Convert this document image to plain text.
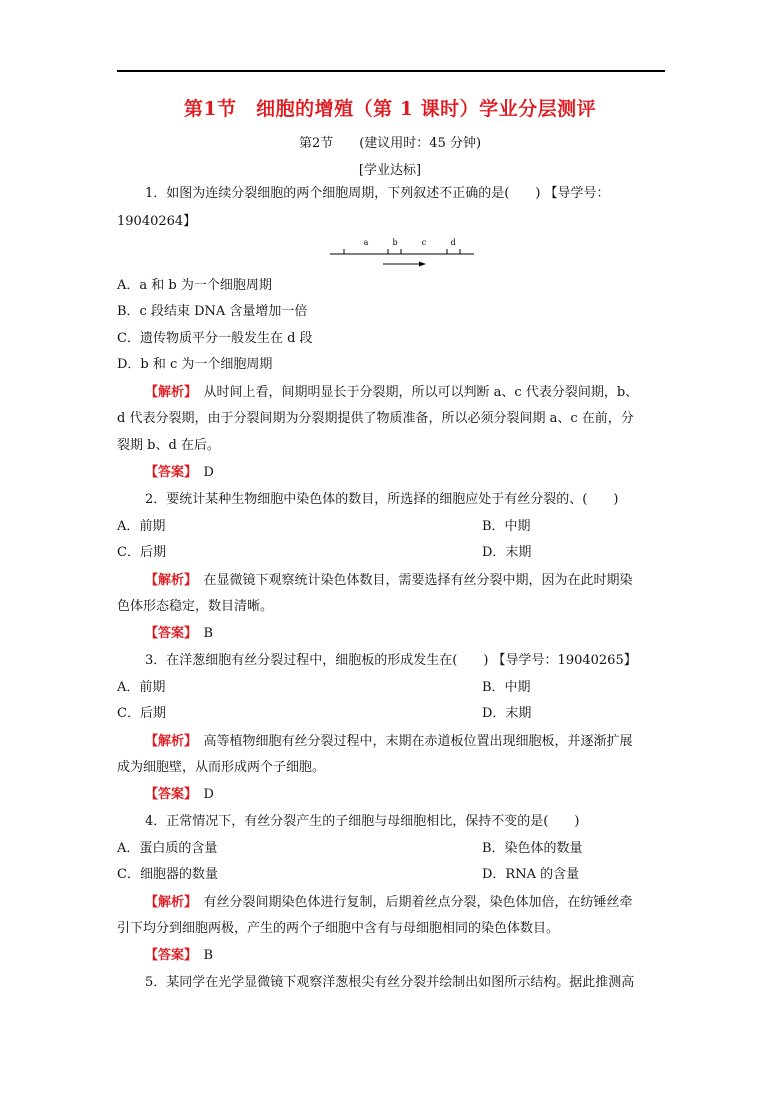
第1节　细胞的增殖（第 1 课时）学业分层测评
第2节　　(建议用时：45 分钟)
[学业达标]
1．如图为连续分裂细胞的两个细胞周期，下列叙述不正确的是(　　) 【导学号：
19040264】
a	b	c	d
A．a 和 b 为一个细胞周期
B．c 段结束 DNA 含量增加一倍
C．遗传物质平分一般发生在 d 段
D．b 和 c 为一个细胞周期
【解析】　 从时间上看，间期明显长于分裂期，所以可以判断 a、c 代表分裂间期，b、
d 代表分裂期，由于分裂间期为分裂期提供了物质准备，所以必须分裂间期 a、c 在前，分
裂期 b、d 在后。
【答案】　 D
2．要统计某种生物细胞中染色体的数目，所选择的细胞应处于有丝分裂的、(　　)
A．前期	B．中期
C．后期	D．末期
【解析】　 在显微镜下观察统计染色体数目，需要选择有丝分裂中期，因为在此时期染
色体形态稳定，数目清晰。
【答案】　 B
3．在洋葱细胞有丝分裂过程中，细胞板的形成发生在(　　) 【导学号：19040265】
A．前期	B．中期
C．后期	D．末期
【解析】　 高等植物细胞有丝分裂过程中，末期在赤道板位置出现细胞板，并逐渐扩展
成为细胞壁，从而形成两个子细胞。
【答案】　 D
4．正常情况下，有丝分裂产生的子细胞与母细胞相比，保持不变的是(　　)
A．蛋白质的含量	B．染色体的数量
C．细胞器的数量	D．RNA 的含量
【解析】　 有丝分裂间期染色体进行复制，后期着丝点分裂，染色体加倍，在纺锤丝牵
引下均分到细胞两极，产生的两个子细胞中含有与母细胞相同的染色体数目。
【答案】　 B
5．某同学在光学显微镜下观察洋葱根尖有丝分裂并绘制出如图所示结构。据此推测高
